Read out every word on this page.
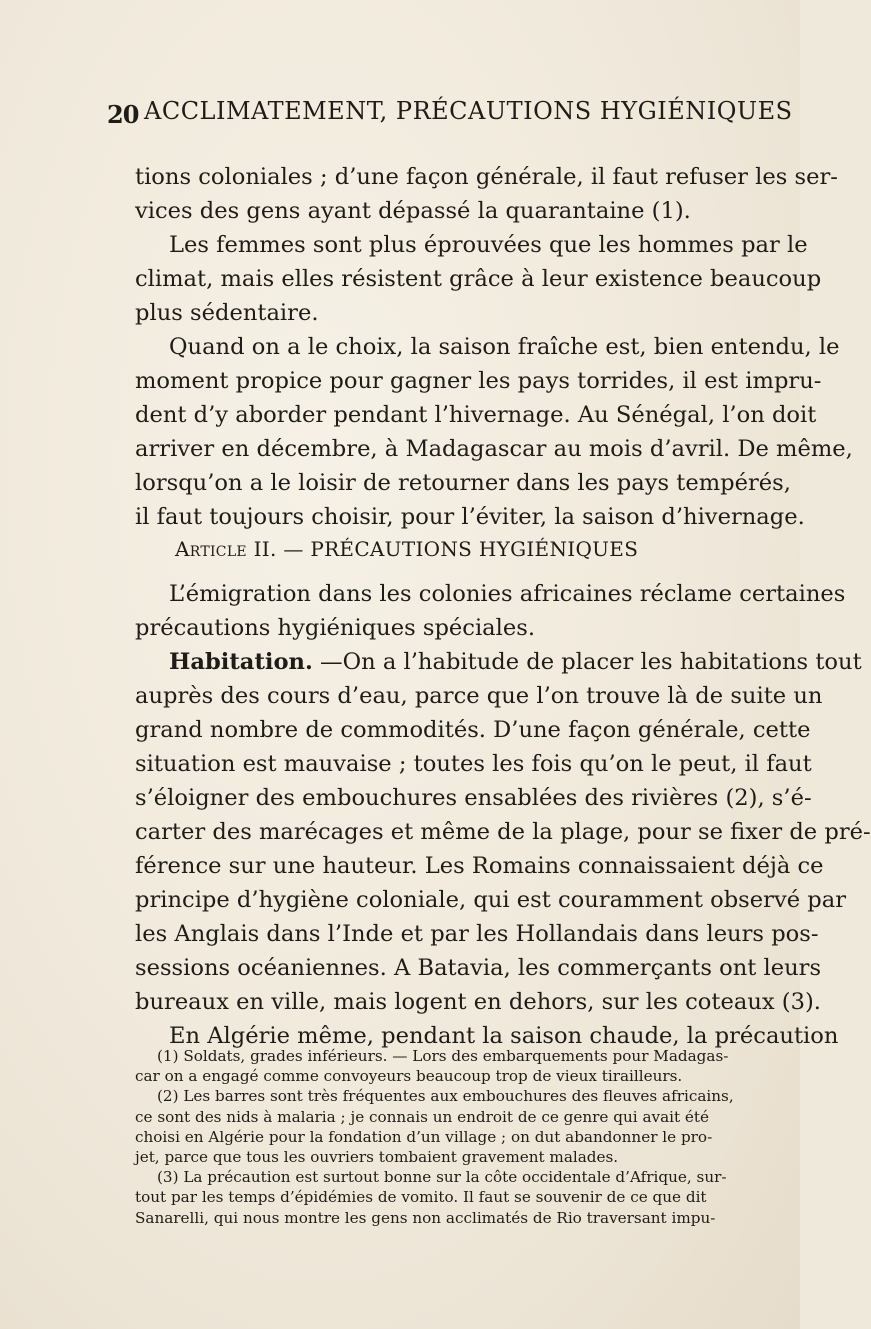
20 ACCLIMATEMENT, PRÉCAUTIONS HYGIÉNIQUES
tions coloniales ; d’une façon générale, il faut refuser les ser-
vices des gens ayant dépassé la quarantaine (1).
Les femmes sont plus éprouvées que les hommes par le
climat, mais elles résistent grâce à leur existence beaucoup
plus sédentaire.
Quand on a le choix, la saison fraîche est, bien entendu, le
moment propice pour gagner les pays torrides, il est impru-
dent d’y aborder pendant l’hivernage. Au Sénégal, l’on doit
arriver en décembre, à Madagascar au mois d’avril. De même,
lorsqu’on a le loisir de retourner dans les pays tempérés,
il faut toujours choisir, pour l’éviter, la saison d’hivernage.
Article II. — PRÉCAUTIONS HYGIÉNIQUES
L’émigration dans les colonies africaines réclame certaines
précautions hygiéniques spéciales.
Habitation. —On a l’habitude de placer les habitations tout
auprès des cours d’eau, parce que l’on trouve là de suite un
grand nombre de commodités. D’une façon générale, cette
situation est mauvaise ; toutes les fois qu’on le peut, il faut
s’éloigner des embouchures ensablées des rivières (2), s’é-
carter des marécages et même de la plage, pour se fixer de pré-
férence sur une hauteur. Les Romains connaissaient déjà ce
principe d’hygiène coloniale, qui est couramment observé par
les Anglais dans l’Inde et par les Hollandais dans leurs pos-
sessions océaniennes. A Batavia, les commerçants ont leurs
bureaux en ville, mais logent en dehors, sur les coteaux (3).
En Algérie même, pendant la saison chaude, la précaution
(1) Soldats, grades inférieurs. — Lors des embarquements pour Madagas-
car on a engagé comme convoyeurs beaucoup trop de vieux tirailleurs.
(2) Les barres sont très fréquentes aux embouchures des fleuves africains,
ce sont des nids à malaria ; je connais un endroit de ce genre qui avait été
choisi en Algérie pour la fondation d’un village ; on dut abandonner le pro-
jet, parce que tous les ouvriers tombaient gravement malades.
(3) La précaution est surtout bonne sur la côte occidentale d’Afrique, sur-
tout par les temps d’épidémies de vomito. Il faut se souvenir de ce que dit
Sanarelli, qui nous montre les gens non acclimatés de Rio traversant impu-
